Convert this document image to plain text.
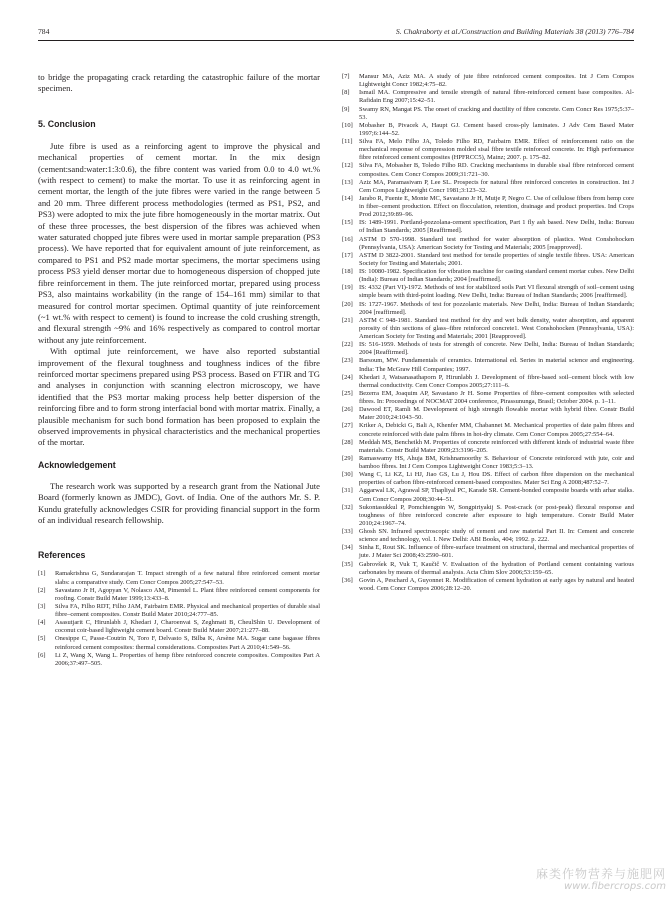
784	S. Chakraborty et al./Construction and Building Materials 38 (2013) 776–784

to bridge the propagating crack retarding the catastrophic failure of the mortar specimen.

5. Conclusion

Jute fibre is used as a reinforcing agent to improve the physical and mechanical properties of cement mortar. In the mix design (cement:sand:water:1:3:0.6), the fibre content was varied from 0.0 to 4.0 wt.% (with respect to cement) to make the mortar. To use it as reinforcing agent in cement mortar, the length of the jute fibres were varied in the range between 5 and 20 mm. Three different process methodologies (termed as PS1, PS2, and PS3) were adopted to mix the jute fibre homogeneously in the mortar matrix. Out of these three processes, the best dispersion of the fibres was achieved when water saturated chopped jute fibres were used in mortar sample preparation (PS3 process). We have reported that for equivalent amount of jute reinforcement, as compared to PS1 and PS2 made mortar specimens, the mortar specimens using process PS3 yield denser mortar due to homogeneous dispersion of chopped jute fibre reinforcement in them. The jute reinforced mortar, prepared using process PS3, also maintains workability (in the range of 154–161 mm) similar to that measured for control mortar specimen. Optimal quantity of jute reinforcement (~1 wt.% with respect to cement) is found to increase the cold crushing strength, and flexural strength ~9% and 16% respectively as compared to control mortar without any jute reinforcement.

With optimal jute reinforcement, we have also reported substantial improvement of the flexural toughness and toughness indices of the fibre reinforced mortar specimens prepared using PS3 process. Based on FTIR and TG and analyses in conjunction with scanning electron microscopy, we have identified that the PS3 mortar making process help better dispersion of the reinforcing fibre and to form strong interfacial bond with mortar matrix. Finally, a plausible mechanism for such bond formation has been proposed to explain the observed improvements in physical characteristics and the mechanical properties of the mortar.

Acknowledgement

The research work was supported by a research grant from the National Jute Board (formerly known as JMDC), Govt. of India. One of the authors Mr. S. P. Kundu gratefully acknowledges CSIR for providing financial support in the form of an individual research fellowship.

References
[1] Ramakrishna G, Sundararajan T. Impact strength of a few natural fibre reinforced cement mortar slabs: a comparative study. Cem Concr Compos 2005;27:547–53.
[2] Savastano Jr H, Agopyan V, Nolasco AM, Pimentel L. Plant fibre reinforced cement components for roofing. Constr Build Mater 1999;13:433–8.
[3] Silva FA, Filho RDT, Filho JAM, Fairbairn EMR. Physical and mechanical properties of durable sisal fibre–cement composites. Constr Build Mater 2010;24:777–85.
[4] Asasutjarit C, Hirunlabh J, Khedari J, Charoenvai S, Zeghmati B, CheulShin U. Development of coconut coir-based lightweight cement board. Constr Build Mater 2007;21:277–88.
[5] Onesippe C, Passe-Coutrin N, Toro F, Delvasto S, Bilba K, Arsène MA. Sugar cane bagasse fibres reinforced cement composites: thermal considerations. Composites Part A 2010;41:549–56.
[6] Li Z, Wang X, Wang L. Properties of hemp fibre reinforced concrete composites. Composites Part A 2006;37:497–505.
[7] Mansur MA, Aziz MA. A study of jute fibre reinforced cement composites. Int J Cem Compos Lightweight Concr 1982;4:75–82.
[8] Ismail MA. Compressive and tensile strength of natural fibre-reinforced cement base composites. Al-Rafidain Eng 2007;15:42–51.
[9] Swamy RN, Mangat PS. The onset of cracking and ductility of fibre concrete. Cem Concr Res 1975;5:37–53.
[10] Mobasher B, Pivacek A, Haupt GJ. Cement based cross-ply laminates. J Adv Cem Based Mater 1997;6:144–52.
[11] Silva FA, Melo Filho JA, Toledo Filho RD, Fairbairn EMR. Effect of reinforcement ratio on the mechanical response of compression molded sisal fibre textile reinforced concrete. In: High performance fibre reinforced cement composites (HPFRCC5), Mainz; 2007. p. 175–82.
[12] Silva FA, Mobasher B, Toledo Filho RD. Cracking mechanisms in durable sisal fibre reinforced cement composites. Cem Concr Compos 2009;31:721–30.
[13] Aziz MA, Paramasivam P, Lee SL. Prospects for natural fibre reinforced concretes in construction. Int J Cem Compos Lightweight Concr 1981;3:123–32.
[14] Jarabo R, Fuente E, Monte MC, Savastano Jr H, Mutje P, Negro C. Use of cellulose fibers from hemp core in fiber–cement production. Effect on flocculation, retention, drainage and product properties. Ind Crops Prod 2012;39:89–96.
[15] IS: 1489-1991. Portland-pozzolana-cement specification, Part 1 fly ash based. New Delhi, India: Bureau of Indian Standards; 2005 [Reaffirmed].
[16] ASTM D 570-1998. Standard test method for water absorption of plastics. West Conshohocken (Pennsylvania, USA): American Society for Testing and Materials; 2005 [reapproved].
[17] ASTM D 3822-2001. Standard test method for tensile properties of single textile fibres. USA: American Society for Testing and Materials; 2001.
[18] IS: 10080-1982. Specification for vibration machine for casting standard cement mortar cubes. New Delhi (India): Bureau of Indian Standards; 2004 [reaffirmed].
[19] IS: 4332 (Part VI)-1972. Methods of test for stabilized soils Part VI flexural strength of soil–cement using simple beam with third-point loading. New Delhi, India: Bureau of Indian Standards; 2006 [reaffirmed].
[20] IS: 1727-1967. Methods of test for pozzolanic materials. New Delhi, India: Bureau of Indian Standards; 2004 [reaffirmed].
[21] ASTM C 948-1981. Standard test method for dry and wet bulk density, water absorption, and apparent porosity of thin sections of glass–fibre reinforced concrete1. West Conshohocken (Pennsylvania, USA): American Society for Testing and Materials; 2001 [Reapproved].
[22] IS: 516-1959. Methods of tests for strength of concrete. New Delhi, India: Bureau of Indian Standards; 2004 [Reaffirmed].
[23] Barsoum, MW. Fundamentals of ceramics. International ed. Series in material science and engineering. India: The McGraw Hill Companies; 1997.
[24] Khedari J, Watsanasathaporn P, Hirunlabh J. Development of fibre-based soil–cement block with low thermal conductivity. Cem Concr Compos 2005;27:111–6.
[25] Bezerra EM, Joaquim AP, Savastano Jr H. Some Properties of fibre–cement composites with selected fibres. In: Proceedings of NOCMAT 2004 conference, Pirassununga, Brasil; October 2004. p. 1–11.
[26] Dawood ET, Ramli M. Development of high strength flowable mortar with hybrid fibre. Constr Build Mater 2010;24:1043–50.
[27] Kriker A, Debicki G, Bali A, Khenfer MM, Chabannet M. Mechanical properties of date palm fibres and concrete reinforced with date palm fibres in hot-dry climate. Cem Concr Compos 2005;27:554–64.
[28] Meddah MS, Bencheikh M. Properties of concrete reinforced with different kinds of industrial waste fibre materials. Constr Build Mater 2009;23:3196–205.
[29] Ramaswamy HS, Ahuja BM, Krishnamoorthy S. Behaviour of Concrete reinforced with jute, coir and bamboo fibres. Int J Cem Compos Lightweight Concr 1983;5:3–13.
[30] Wang C, Li KZ, Li HJ, Jiao GS, Lu J, Hou DS. Effect of carbon fibre dispersion on the mechanical properties of carbon fibre-reinforced cement-based composites. Mater Sci Eng A 2008;487:52–7.
[31] Aggarwal LK, Agrawal SP, Thapliyal PC, Karade SR. Cement-bonded composite boards with arhar stalks. Cem Concr Compos 2008;30:44–51.
[32] Sukontasukkul P, Pomchiengpin W, Songpiriyakij S. Post-crack (or post-peak) flexural response and toughness of fibre reinforced concrete after exposure to high temperature. Constr Build Mater 2010;24:1967–74.
[33] Ghosh SN. Infrared spectroscopic study of cement and raw material Part II. In: Cement and concrete science and technology, vol. I. New Delhi: ABI Books, 404; 1992. p. 222.
[34] Sinha E, Rout SK. Influence of fibre-surface treatment on structural, thermal and mechanical properties of jute. J Mater Sci 2008;43:2590–601.
[35] Gabrovšek R, Vuk T, Kaučič V. Evaluation of the hydration of Portland cement containing various carbonates by means of thermal analysis. Acta Chim Slov 2006;53:159–65.
[36] Govin A, Peschard A, Guyonnet R. Modification of cement hydration at early ages by natural and heated wood. Cem Concr Compos 2006;28:12–20.
麻类作物营养与施肥网
www.fibercrops.com
